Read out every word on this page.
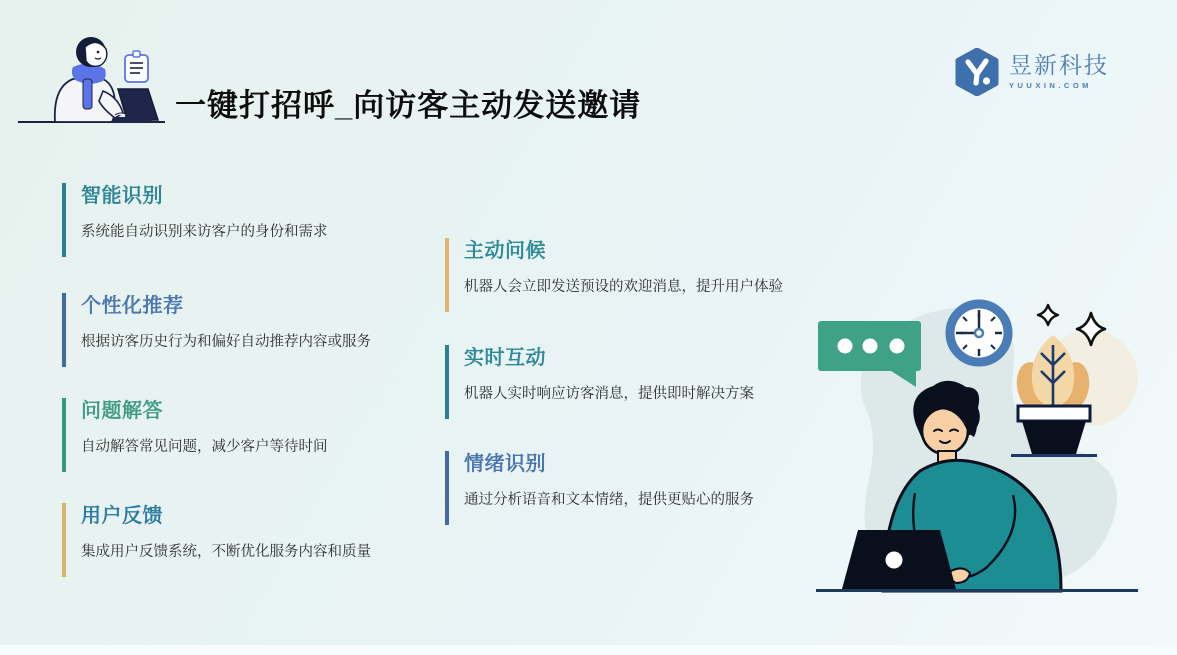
一键打招呼_向访客主动发送邀请
昱新科技
YUUXIN.COM
智能识别

系统能自动识别来访客户的身份和需求

个性化推荐

根据访客历史行为和偏好自动推荐内容或服务

问题解答

自动解答常见问题，减少客户等待时间

用户反馈

集成用户反馈系统，不断优化服务内容和质量

主动问候

机器人会立即发送预设的欢迎消息，提升用户体验

实时互动

机器人实时响应访客消息，提供即时解决方案

情绪识别

通过分析语音和文本情绪，提供更贴心的服务
